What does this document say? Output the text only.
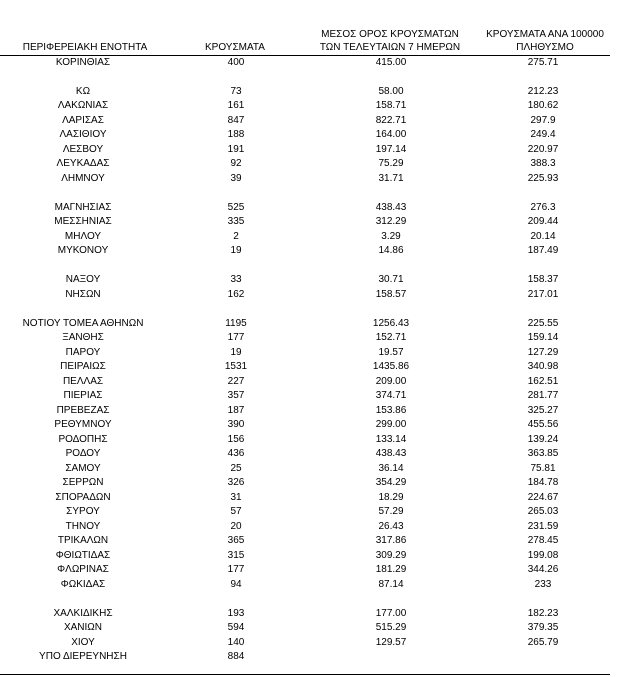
ΠΕΡΙΦΕΡΕΙΑΚΗ ΕΝΟΤΗΤΑ	ΚΡΟΥΣΜΑΤΑ
ΜΕΣΟΣ ΟΡΟΣ ΚΡΟΥΣΜΑΤΩΝ
ΤΩΝ ΤΕΛΕΥΤΑΙΩΝ 7 ΗΜΕΡΩΝ
ΚΡΟΥΣΜΑΤΑ ΑΝΑ 100000
ΠΛΗΘΥΣΜΟ
ΚΟΡΙΝΘΙΑΣ	400	415.00	275.71
ΚΩ	73	58.00	212.23
ΛΑΚΩΝΙΑΣ	161	158.71	180.62
ΛΑΡΙΣΑΣ	847	822.71	297.9
ΛΑΣΙΘΙΟΥ	188	164.00	249.4
ΛΕΣΒΟΥ	191	197.14	220.97
ΛΕΥΚΑΔΑΣ	92	75.29	388.3
ΛΗΜΝΟΥ	39	31.71	225.93
ΜΑΓΝΗΣΙΑΣ	525	438.43	276.3
ΜΕΣΣΗΝΙΑΣ	335	312.29	209.44
ΜΗΛΟΥ	2	3.29	20.14
ΜΥΚΟΝΟΥ	19	14.86	187.49
ΝΑΞΟΥ	33	30.71	158.37
ΝΗΣΩΝ	162	158.57	217.01
ΝΟΤΙΟΥ ΤΟΜΕΑ ΑΘΗΝΩΝ	1195	1256.43	225.55
ΞΑΝΘΗΣ	177	152.71	159.14
ΠΑΡΟΥ	19	19.57	127.29
ΠΕΙΡΑΙΩΣ	1531	1435.86	340.98
ΠΕΛΛΑΣ	227	209.00	162.51
ΠΙΕΡΙΑΣ	357	374.71	281.77
ΠΡΕΒΕΖΑΣ	187	153.86	325.27
ΡΕΘΥΜΝΟΥ	390	299.00	455.56
ΡΟΔΟΠΗΣ	156	133.14	139.24
ΡΟΔΟΥ	436	438.43	363.85
ΣΑΜΟΥ	25	36.14	75.81
ΣΕΡΡΩΝ	326	354.29	184.78
ΣΠΟΡΑΔΩΝ	31	18.29	224.67
ΣΥΡΟΥ	57	57.29	265.03
ΤΗΝΟΥ	20	26.43	231.59
ΤΡΙΚΑΛΩΝ	365	317.86	278.45
ΦΘΙΩΤΙΔΑΣ	315	309.29	199.08
ΦΛΩΡΙΝΑΣ	177	181.29	344.26
ΦΩΚΙΔΑΣ	94	87.14	233
ΧΑΛΚΙΔΙΚΗΣ	193	177.00	182.23
ΧΑΝΙΩΝ	594	515.29	379.35
ΧΙΟΥ	140	129.57	265.79
ΥΠΟ ΔΙΕΡΕΥΝΗΣΗ	884
